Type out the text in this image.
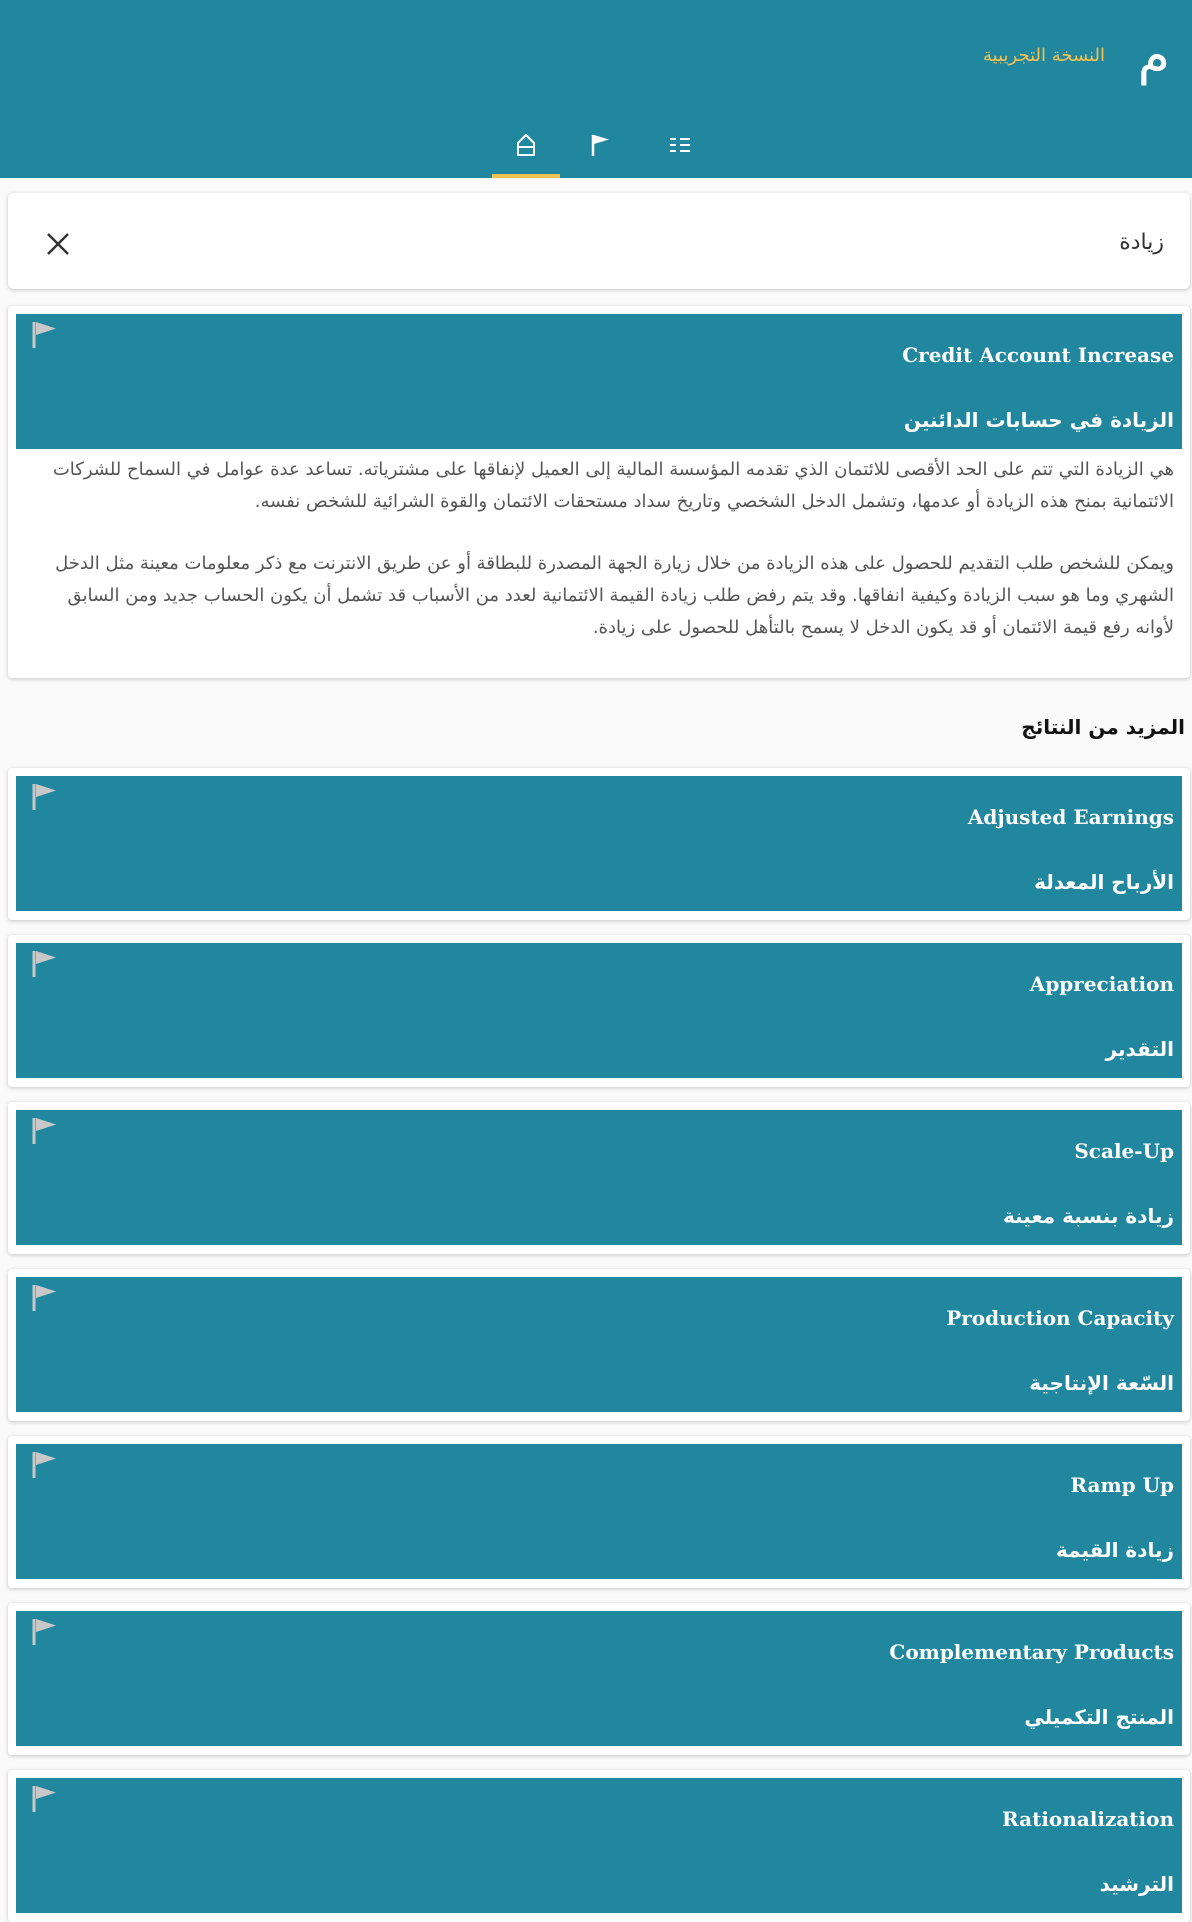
م
النسخة التجريبية
زيادة
Credit Account Increase
الزيادة في حسابات الدائنين

هي الزيادة التي تتم على الحد الأقصى للائتمان الذي تقدمه المؤسسة المالية إلى العميل لإنفاقها على مشترياته. تساعد عدة عوامل في السماح للشركات الائتمانية بمنح هذه الزيادة أو عدمها، وتشمل الدخل الشخصي وتاريخ سداد مستحقات الائتمان والقوة الشرائية للشخص نفسه.

ويمكن للشخص طلب التقديم للحصول على هذه الزيادة من خلال زيارة الجهة المصدرة للبطاقة أو عن طريق الانترنت مع ذكر معلومات معينة مثل الدخل الشهري وما هو سبب الزيادة وكيفية انفاقها. وقد يتم رفض طلب زيادة القيمة الائتمانية لعدد من الأسباب قد تشمل أن يكون الحساب جديد ومن السابق لأوانه رفع قيمة الائتمان أو قد يكون الدخل لا يسمح بالتأهل للحصول على زيادة.

المزيد من النتائج
Adjusted Earnings
الأرباح المعدلة
Appreciation
التقدير
Scale-Up
زيادة بنسبة معينة
Production Capacity
السّعة الإنتاجية
Ramp Up
زيادة القيمة
Complementary Products
المنتج التكميلي
Rationalization
الترشيد
